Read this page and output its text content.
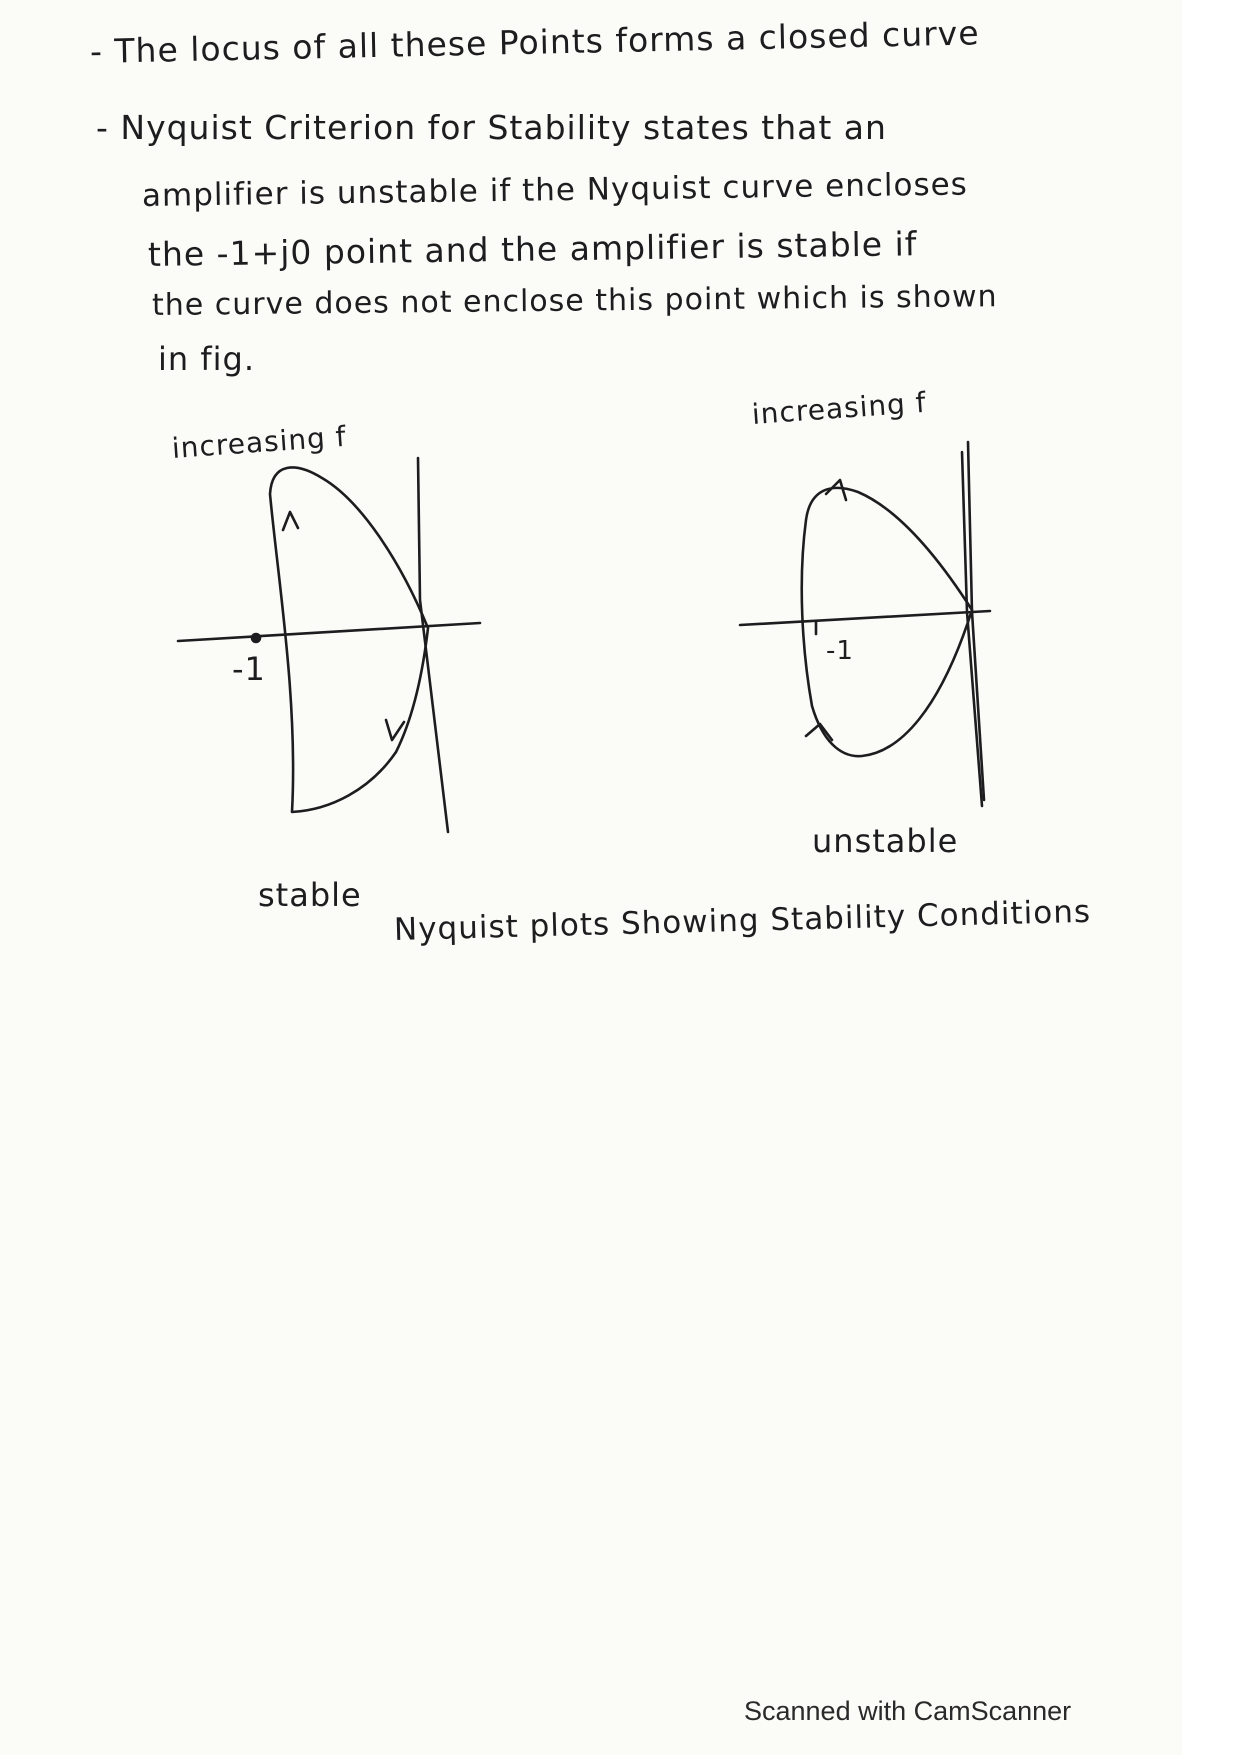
- The locus of all these Points forms a closed curve
- Nyquist Criterion for Stability states that an
amplifier is unstable if the Nyquist curve encloses
the -1+j0 point and the amplifier is stable if
the curve does not enclose this point which is shown
in fig.
increasing f
increasing f
-1	-1
unstable
stable Nyquist plots Showing Stability Conditions
Scanned with CamScanner
